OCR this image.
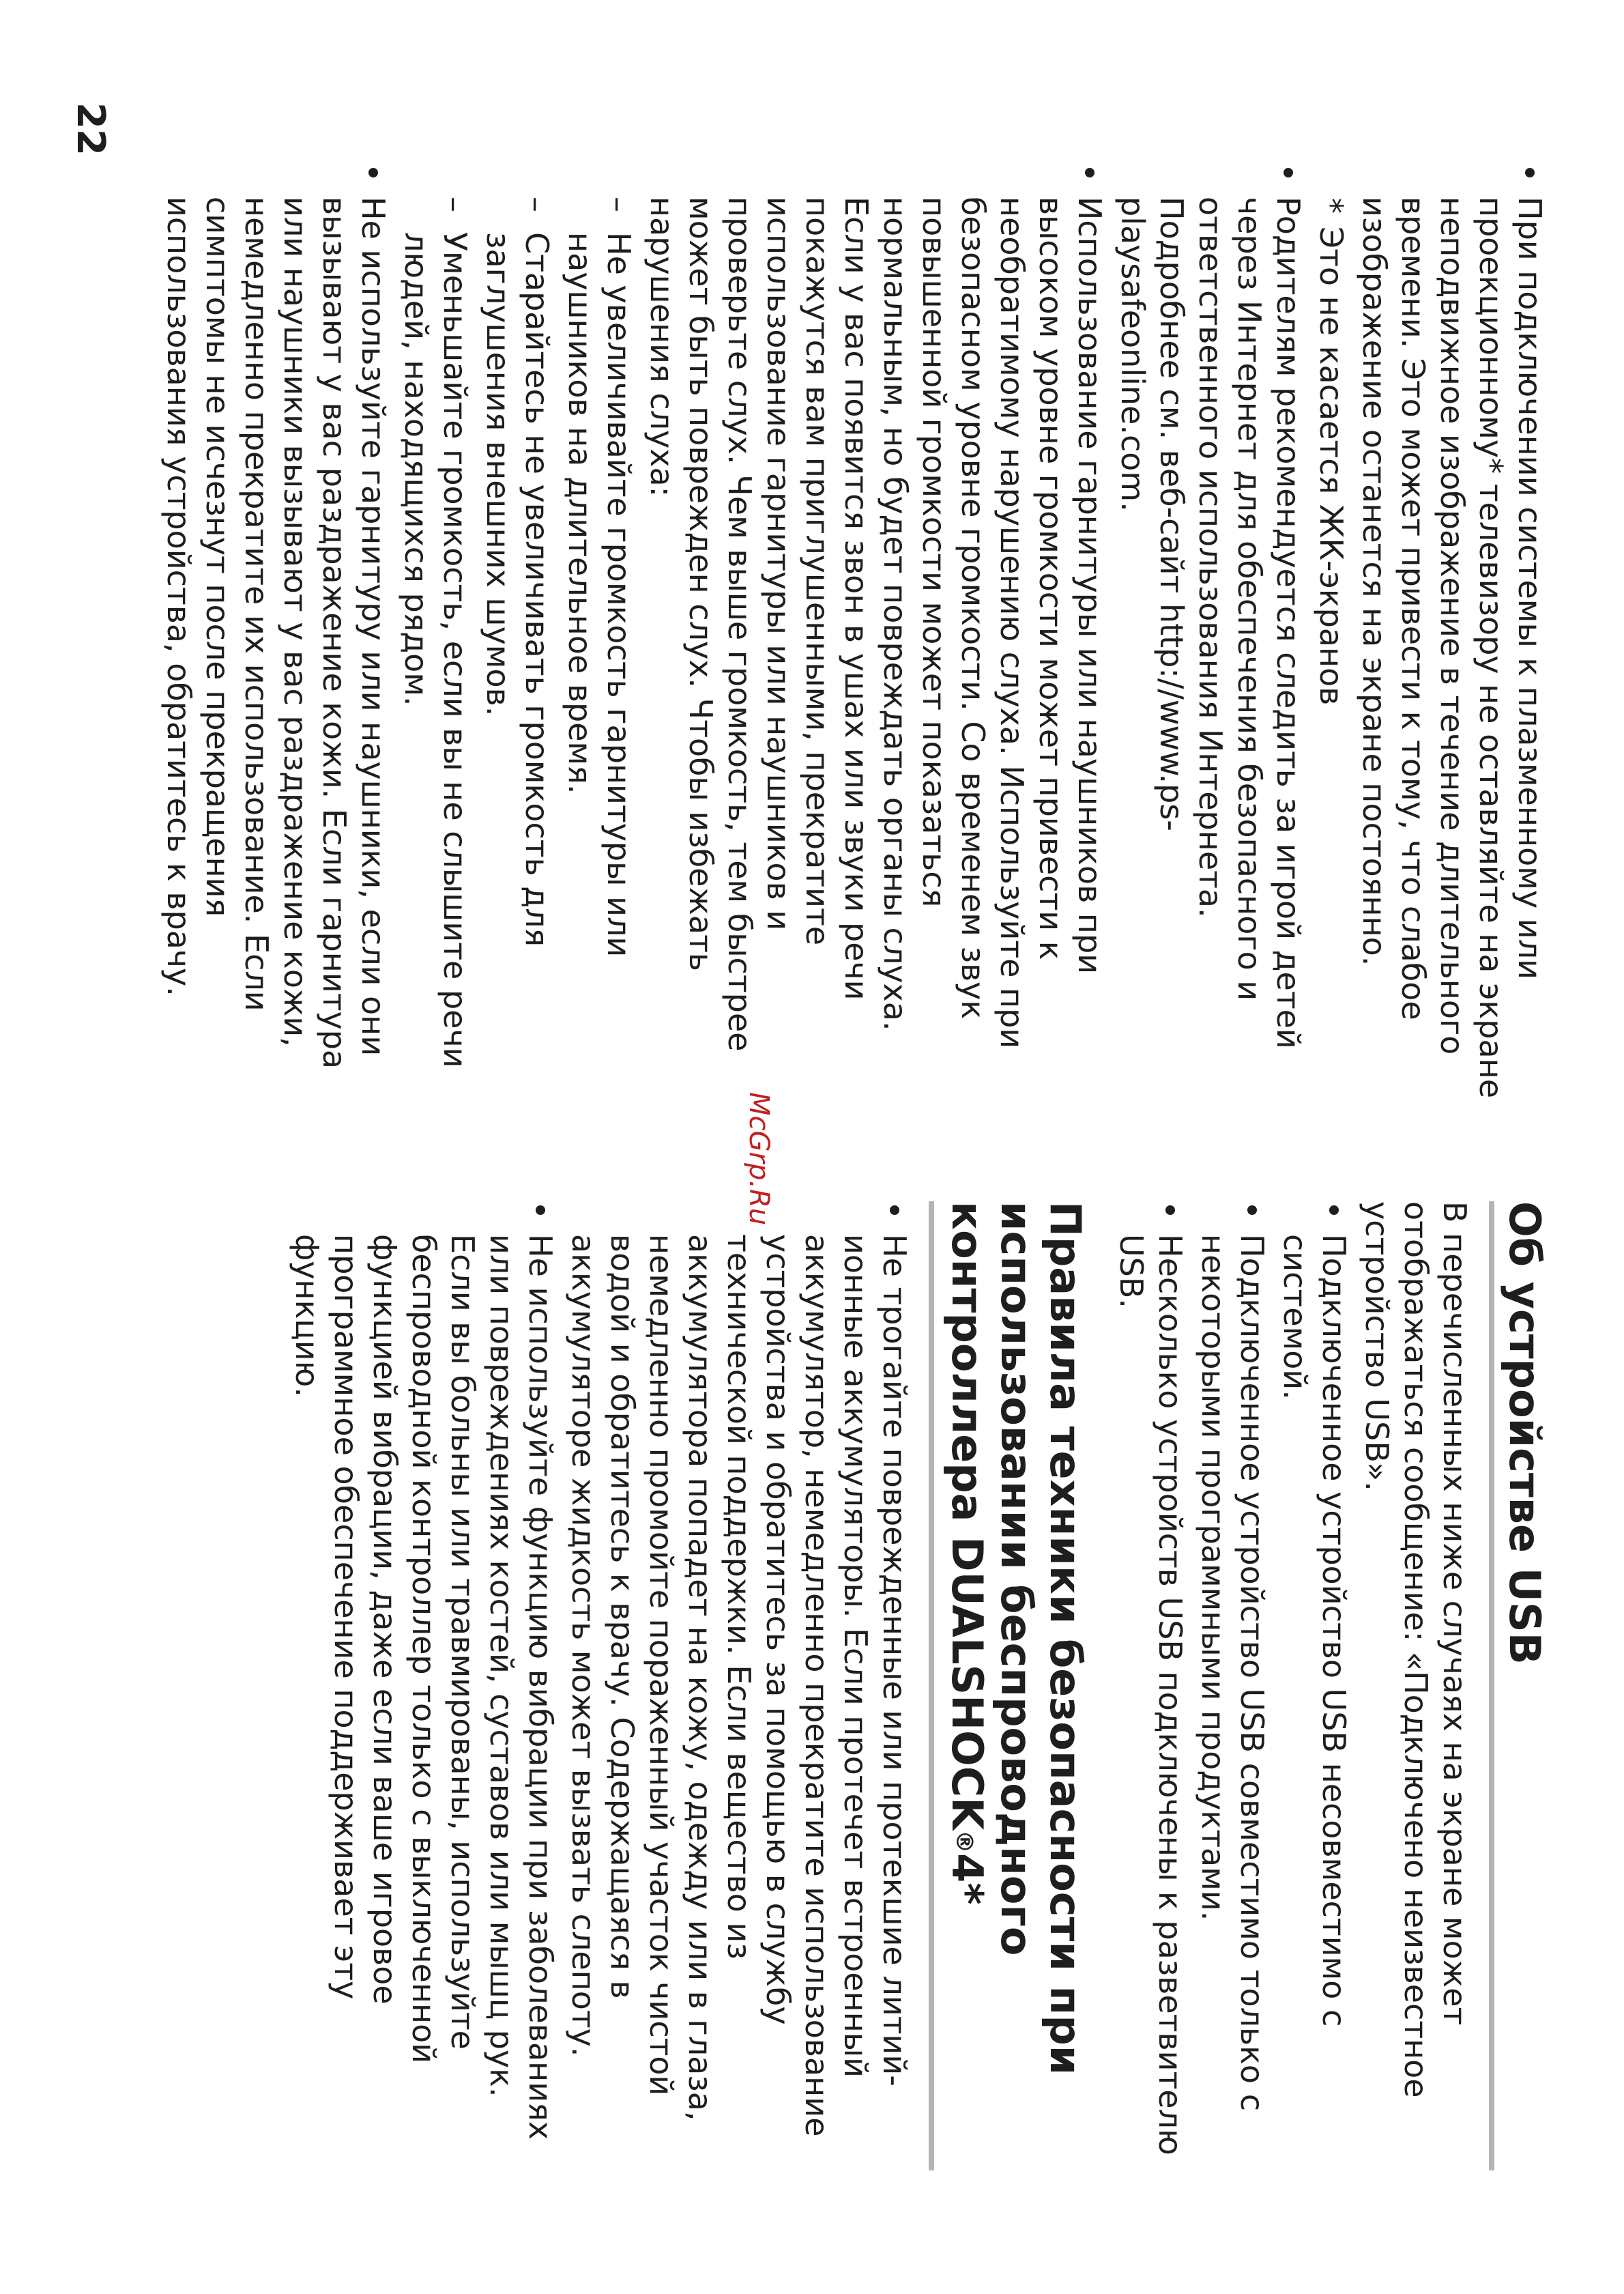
При подключении системы к плазменному или проекционному* телевизору не оставляйте на экране неподвижное изображение в течение длительного времени. Это может привести к тому, что слабое изображение останется на экране постоянно.

*
Это не касается ЖК-экранов

Родителям рекомендуется следить за игрой детей через Интернет для обеспечения безопасного и ответственного использования Интернета. Подробнее см. веб-сайт http://www.ps-playsafeonline.com.

Использование гарнитуры или наушников при высоком уровне громкости может привести к необратимому нарушению слуха. Используйте при безопасном уровне громкости. Со временем звук повышенной громкости может показаться нормальным, но будет повреждать органы слуха. Если у вас появится звон в ушах или звуки речи покажутся вам приглушенными, прекратите использование гарнитуры или наушников и проверьте слух. Чем выше громкость, тем быстрее может быть поврежден слух. Чтобы избежать нарушения слуха:

– Не увеличивайте громкость гарнитуры или наушников на длительное время.

– Старайтесь не увеличивать громкость для заглушения внешних шумов.

– Уменьшайте громкость, если вы не слышите речи людей, находящихся рядом.

Не используйте гарнитуру или наушники, если они вызывают у вас раздражение кожи. Если гарнитура или наушники вызывают у вас раздражение кожи, немедленно прекратите их использование. Если симптомы не исчезнут после прекращения использования устройства, обратитесь к врачу.

McGrp.Ru
Об устройстве USB

В перечисленных ниже случаях на экране может отображаться сообщение: «Подключено неизвестное устройство USB».

Подключенное устройство USB несовместимо с системой.

Подключенное устройство USB совместимо только с некоторыми программными продуктами.

Несколько устройств USB подключены к разветвителю USB.

Правила техники безопасности при использовании беспроводного контроллера DUALSHOCK®4*

Не трогайте поврежденные или протекшие литий-ионные аккумуляторы. Если протечет встроенный аккумулятор, немедленно прекратите использование устройства и обратитесь за помощью в службу технической поддержки. Если вещество из аккумулятора попадет на кожу, одежду или в глаза, немедленно промойте пораженный участок чистой водой и обратитесь к врачу. Содержащаяся в аккумуляторе жидкость может вызвать слепоту.

Не используйте функцию вибрации при заболеваниях или повреждениях костей, суставов или мышц рук. Если вы больны или травмированы, используйте беспроводной контроллер только с выключенной функцией вибрации, даже если ваше игровое программное обеспечение поддерживает эту функцию.

22
